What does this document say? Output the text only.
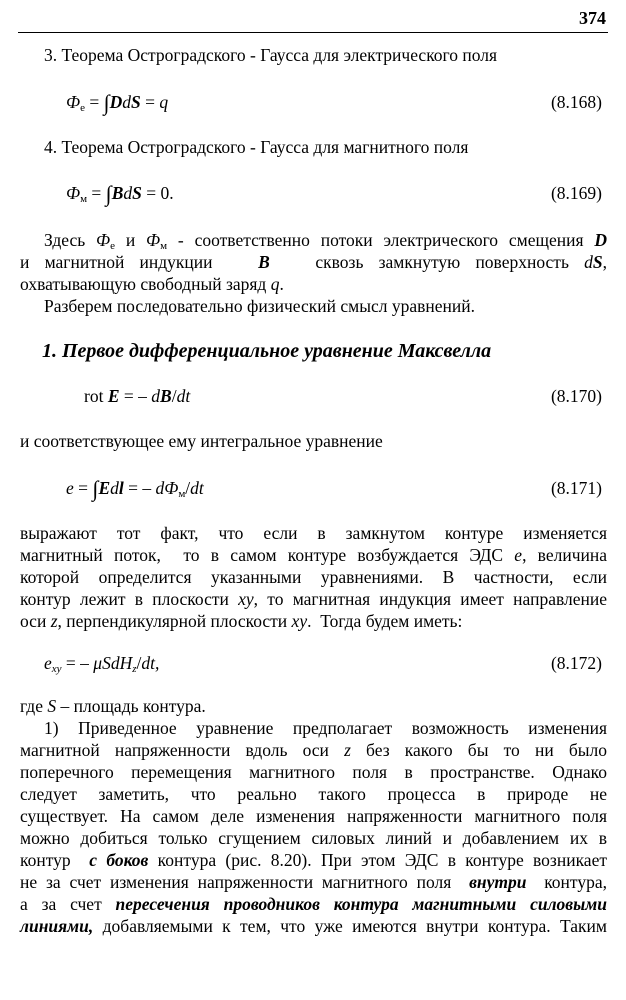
374
3. Теорема Остроградского - Гаусса для электрического поля
$Ф_e = \int DdS = q$	(8.168)
4. Теорема Остроградского - Гаусса для магнитного поля
$Ф_м = \int BdS = 0$.	(8.169)
Здесь $Ф_e$ и $Ф_м$ - соответственно потоки электрического смещения D
и магнитной индукции   B   сквозь замкнутую поверхность dS,
охватывающую свободный заряд q.
Разберем последовательно физический смысл уравнений.
1. Первое дифференциальное уравнение Максвелла
rot E = – dB/dt	(8.170)
и соответствующее ему интегральное уравнение
e = ∫Edl = – $dФ_м/dt$	(8.171)
выражают тот факт, что если в замкнутом контуре изменяется
магнитный поток,  то в самом контуре возбуждается ЭДС e, величина
которой определится указанными уравнениями. В частности, если
контур лежит в плоскости xy, то магнитная индукция имеет направление
оси z, перпендикулярной плоскости xy.  Тогда будем иметь:
$e_{xy}$ = – μSdH$_z$/dt,	(8.172)
где S – площадь контура.
1) Приведенное уравнение предполагает возможность изменения
магнитной напряженности вдоль оси z без какого бы то ни было
поперечного перемещения магнитного поля в пространстве. Однако
следует заметить, что реально такого процесса в природе не
существует. На самом деле изменения напряженности магнитного поля
можно добиться только сгущением силовых линий и добавлением их в
контур  с боков контура (рис. 8.20). При этом ЭДС в контуре возникает
не за счет изменения напряженности магнитного поля  внутри  контура,
а за счет пересечения проводников контура магнитными силовыми
линиями, добавляемыми к тем, что уже имеются внутри контура. Таким
